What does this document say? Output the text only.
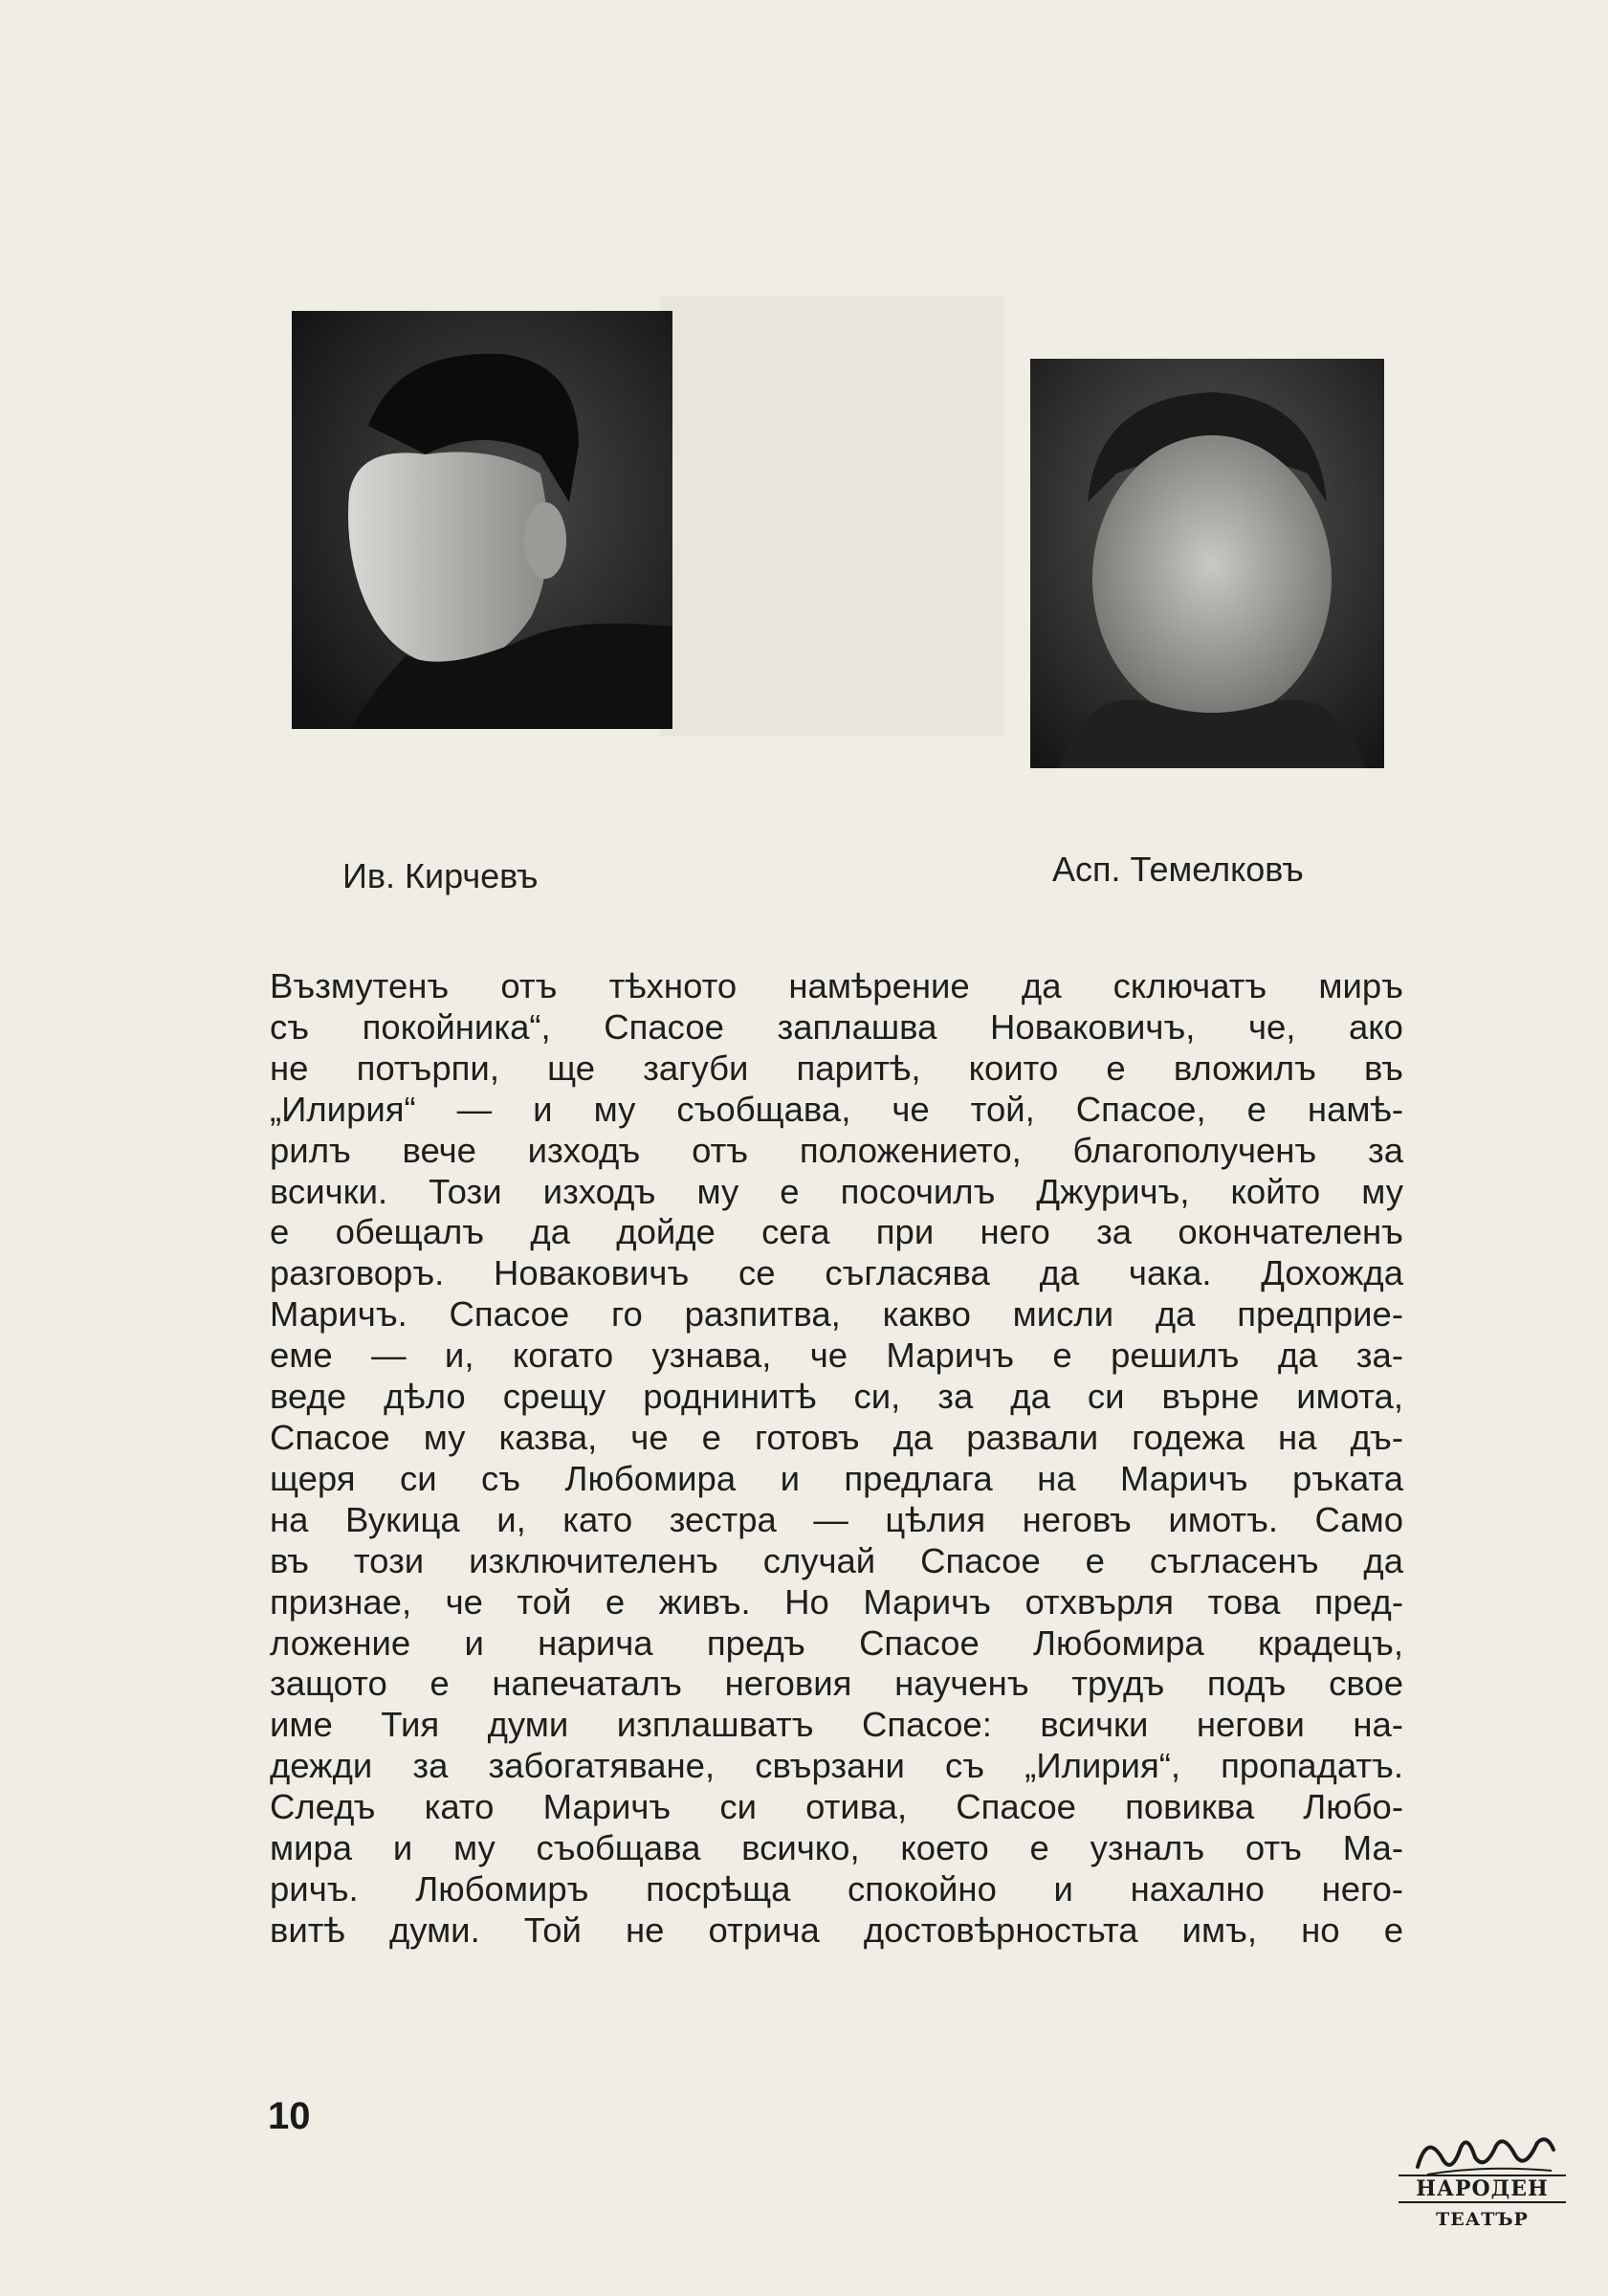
Ив. Кирчевъ	Асп. Темелковъ
Възмутенъ отъ тѣхното намѣрение да сключатъ миръ
съ покойника“, Спасое заплашва Новаковичъ, че, ако
не потърпи, ще загуби паритѣ, които е вложилъ въ
„Илирия“ — и му съобщава, че той, Спасое, е намѣ-
рилъ вече изходъ отъ положението, благополученъ за
всички. Този изходъ му е посочилъ Джуричъ, който му
е обещалъ да дойде сега при него за окончателенъ
разговоръ. Новаковичъ се съгласява да чака. Дохожда
Маричъ. Спасое го разпитва, какво мисли да предприе-
еме — и, когато узнава, че Маричъ е решилъ да за-
веде дѣло срещу роднинитѣ си, за да си върне имота,
Спасое му казва, че е готовъ да развали годежа на дъ-
щеря си съ Любомира и предлага на Маричъ ръката
на Вукица и, като зестра — цѣлия неговъ имотъ. Само
въ този изключителенъ случай Спасое е съгласенъ да
признае, че той е живъ. Но Маричъ отхвърля това пред-
ложение и нарича предъ Спасое Любомира крадецъ,
защото е напечаталъ неговия наученъ трудъ подъ свое
име Тия думи изплашватъ Спасое: всички негови на-
дежди за забогатяване, свързани съ „Илирия“, пропадатъ.
Следъ като Маричъ си отива, Спасое повиква Любо-
мира и му съобщава всичко, което е узналъ отъ Ма-
ричъ. Любомиръ посрѣща спокойно и нахално него-
витѣ думи. Той не отрича достовѣрностьта имъ, но е
10
НАРОДЕН
ТЕАТЪР
